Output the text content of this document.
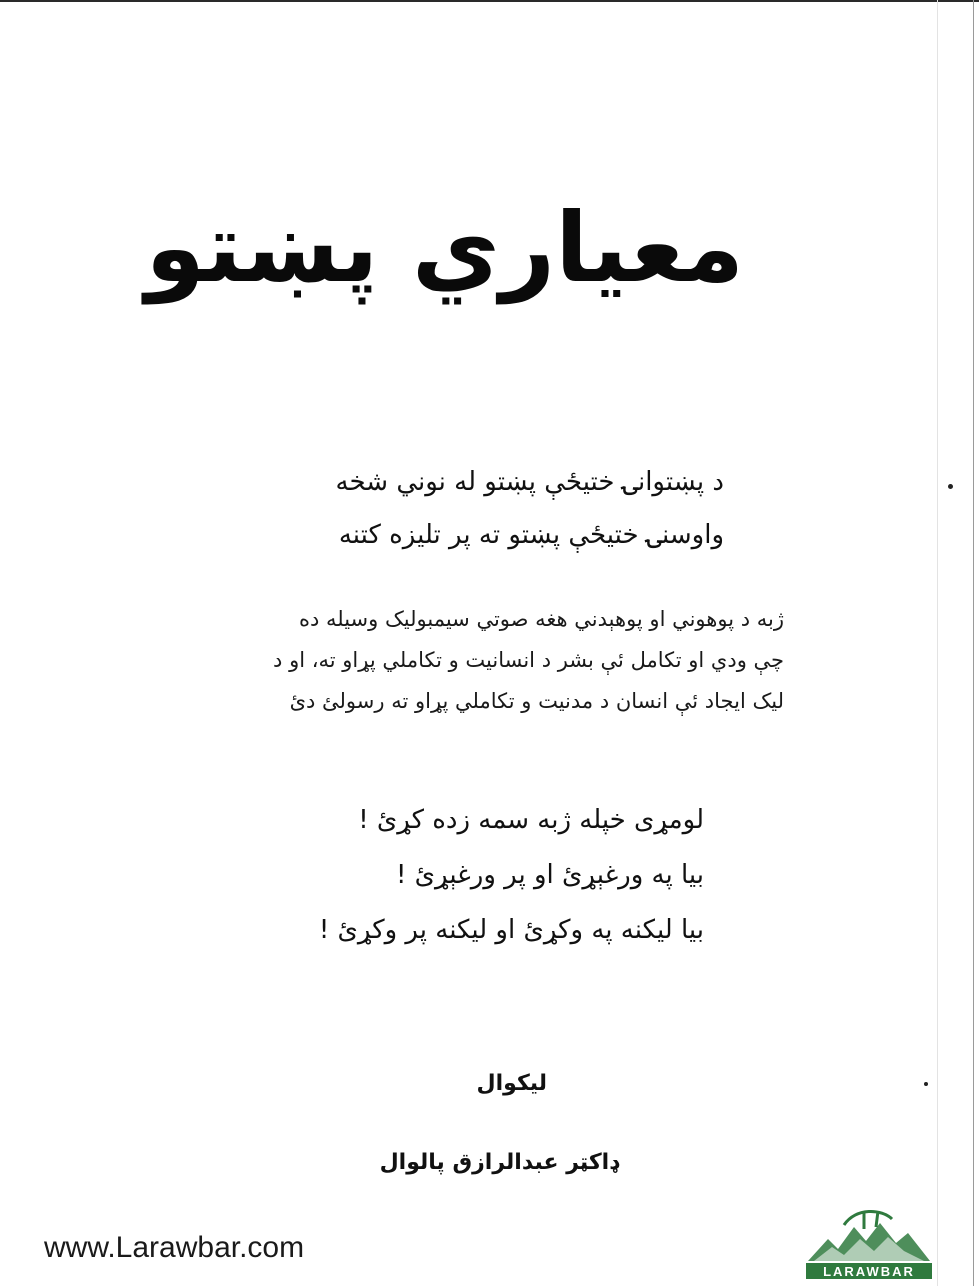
معیاري پښتو
د پښتوانۍ ختیځې پښتو له نوني شخه
واوسنۍ ختیځې پښتو ته پر تلیزه کتنه
ژبه د پوهوني او پوهېدني هغه صوتي سیمبولیک وسیله ده
چې ودي او تکامل ئې بشر د انسانیت و تکاملي پړاو ته، او د
لیک ایجاد ئې انسان د مدنیت و تکاملي پړاو ته رسولئ دئ
لومړی خپله ژبه سمه زده کړئ !
بیا په ورغېړئ او پر ورغېړئ !
بیا لیکنه په وکړئ او لیکنه پر وکړئ !
لیکوال
ډاکټر عبدالرازق پالوال
www.Larawbar.com
LARAWBAR
